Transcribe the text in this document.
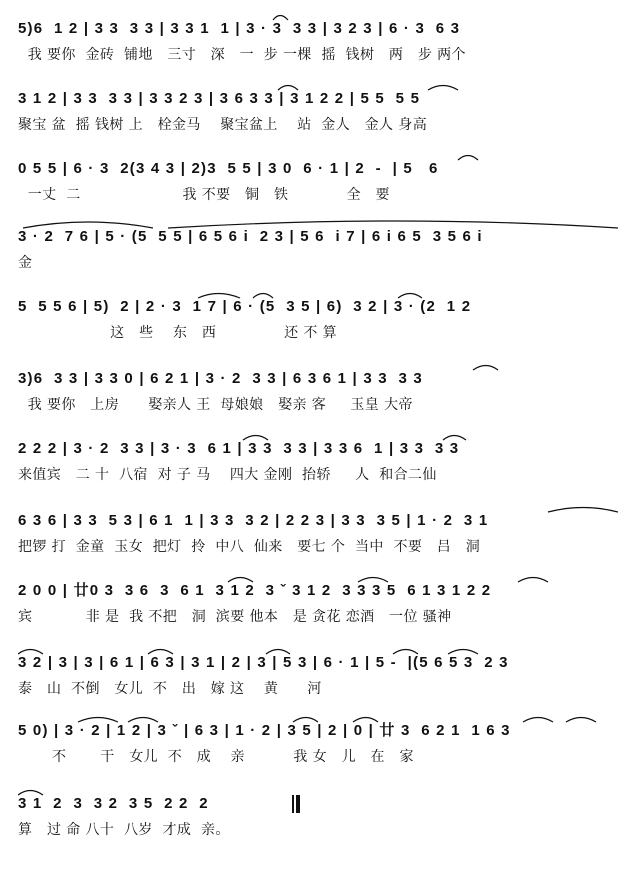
5)6  1 2 | 3 3  3 3 | 3 3 1  1 | 3 · 3  3 3 | 3 2 3 | 6 · 3  6 3
我 要你  金砖  铺地   三寸   深   一  步 一棵  摇  钱树   两   步 两个
3 1 2 | 3 3  3 3 | 3 3 2 3 | 3 6 3 3 | 3 1 2 2 | 5 5  5 5
聚宝 盆  摇 钱树 上   栓金马    聚宝盆上    站  金人   金人 身高
0 5 5 | 6 · 3  2(3 4 3 | 2)3  5 5 | 3 0  6 · 1 | 2  -  | 5   6
一丈  二                     我 不要   铜   铁            全   要
3 · 2  7 6 | 5 · (5  5 5 | 6 5 6 i  2 3 | 5 6  i 7 | 6 i 6 5  3 5 6 i
金
5  5 5 6 | 5)  2 | 2 · 3  1 7 | 6 · (5  3 5 | 6)  3 2 | 3 · (2  1 2
这   些    东   西              还 不 算
3)6  3 3 | 3 3 0 | 6 2 1 | 3 · 2  3 3 | 6 3 6 1 | 3 3  3 3
我 要你   上房      娶亲人 王  母娘娘   娶亲 客     玉皇 大帝
2 2 2 | 3 · 2  3 3 | 3 · 3  6 1 | 3 3  3 3 | 3 3 6  1 | 3 3  3 3
来值宾   二 十  八宿  对 子 马    四大 金刚  抬轿     人  和合二仙
6 3 6 | 3 3  5 3 | 6 1  1 | 3 3  3 2 | 2 2 3 | 3 3  3 5 | 1 · 2  3 1
把锣 打  金童  玉女  把灯  拎  中八  仙来   要七 个  当中  不要   吕   洞
2 0 0 | 廿0 3  3 6  3  6 1  3 1 2  3 ˇ 3 1 2  3 3 3 5  6 1 3 1 2 2
宾           非 是  我 不把   洞  滨要 他本   是 贪花 恋酒   一位 骚神
3 2 | 3 | 3 | 6 1 | 6 3 | 3 1 | 2 | 3 | 5 3 | 6 · 1 | 5 -  |(5 6 5 3  2 3
泰   山  不倒   女儿  不   出   嫁 这    黄      河
5 0) | 3 · 2 | 1 2 | 3 ˇ | 6 3 | 1 · 2 | 3 5 | 2 | 0 | 廿 3  6 2 1  1 6 3
不       干   女儿  不   成    亲          我 女   儿   在   家
3 1  2  3  3 2  3 5  2 2  2
算   过 命 八十  八岁  才成  亲。
